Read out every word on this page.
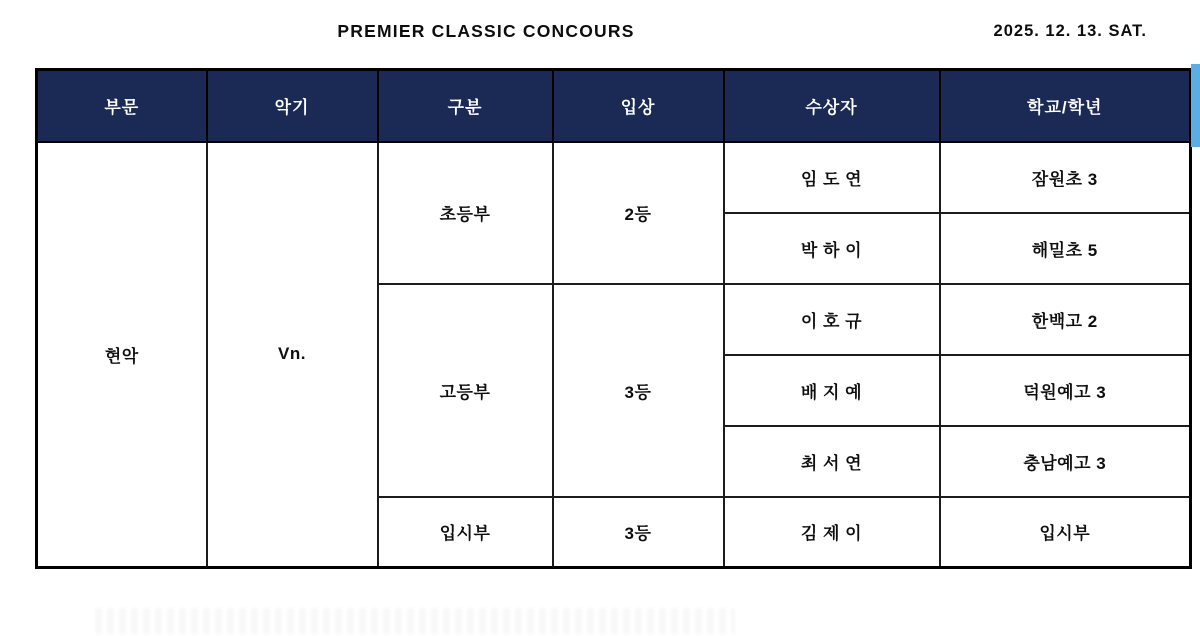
PREMIER CLASSIC CONCOURS	2025. 12. 13. SAT.
부문	악기	구분	입상	수상자	학교/학년
현악	Vn.	초등부	2등	임 도 연	잠원초 3
				박 하 이	해밀초 5
		고등부	3등	이 호 규	한백고 2
				배 지 예	덕원예고 3
				최 서 연	충남예고 3
		입시부	3등	김 제 이	입시부
